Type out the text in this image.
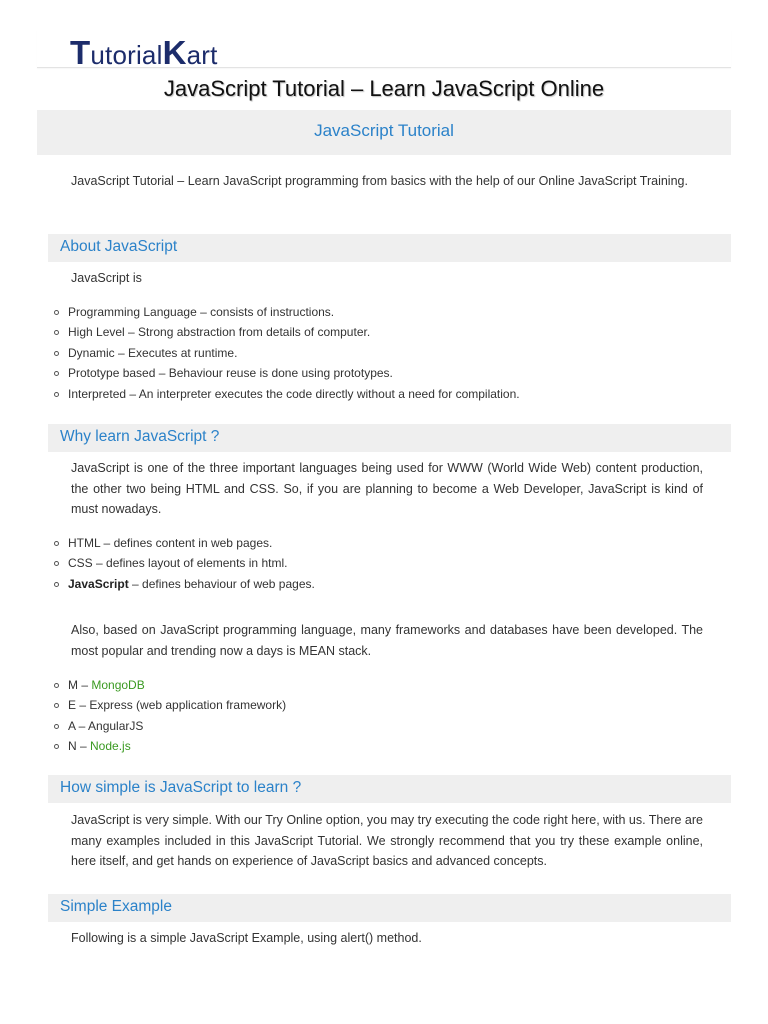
TutorialKart
JavaScript Tutorial – Learn JavaScript Online
JavaScript Tutorial
JavaScript Tutorial – Learn JavaScript programming from basics with the help of our Online JavaScript Training.
About JavaScript
JavaScript is
Programming Language – consists of instructions.
High Level – Strong abstraction from details of computer.
Dynamic – Executes at runtime.
Prototype based – Behaviour reuse is done using prototypes.
Interpreted – An interpreter executes the code directly without a need for compilation.
Why learn JavaScript ?
JavaScript is one of the three important languages being used for WWW (World Wide Web) content production, the other two being HTML and CSS. So, if you are planning to become a Web Developer, JavaScript is kind of must nowadays.
HTML – defines content in web pages.
CSS – defines layout of elements in html.
JavaScript – defines behaviour of web pages.
Also, based on JavaScript programming language, many frameworks and databases have been developed. The most popular and trending now a days is MEAN stack.
M – MongoDB
E – Express (web application framework)
A – AngularJS
N – Node.js
How simple is JavaScript to learn ?
JavaScript is very simple. With our Try Online option, you may try executing the code right here, with us. There are many examples included in this JavaScript Tutorial. We strongly recommend that you try these example online, here itself, and get hands on experience of JavaScript basics and advanced concepts.
Simple Example
Following is a simple JavaScript Example, using alert() method.
